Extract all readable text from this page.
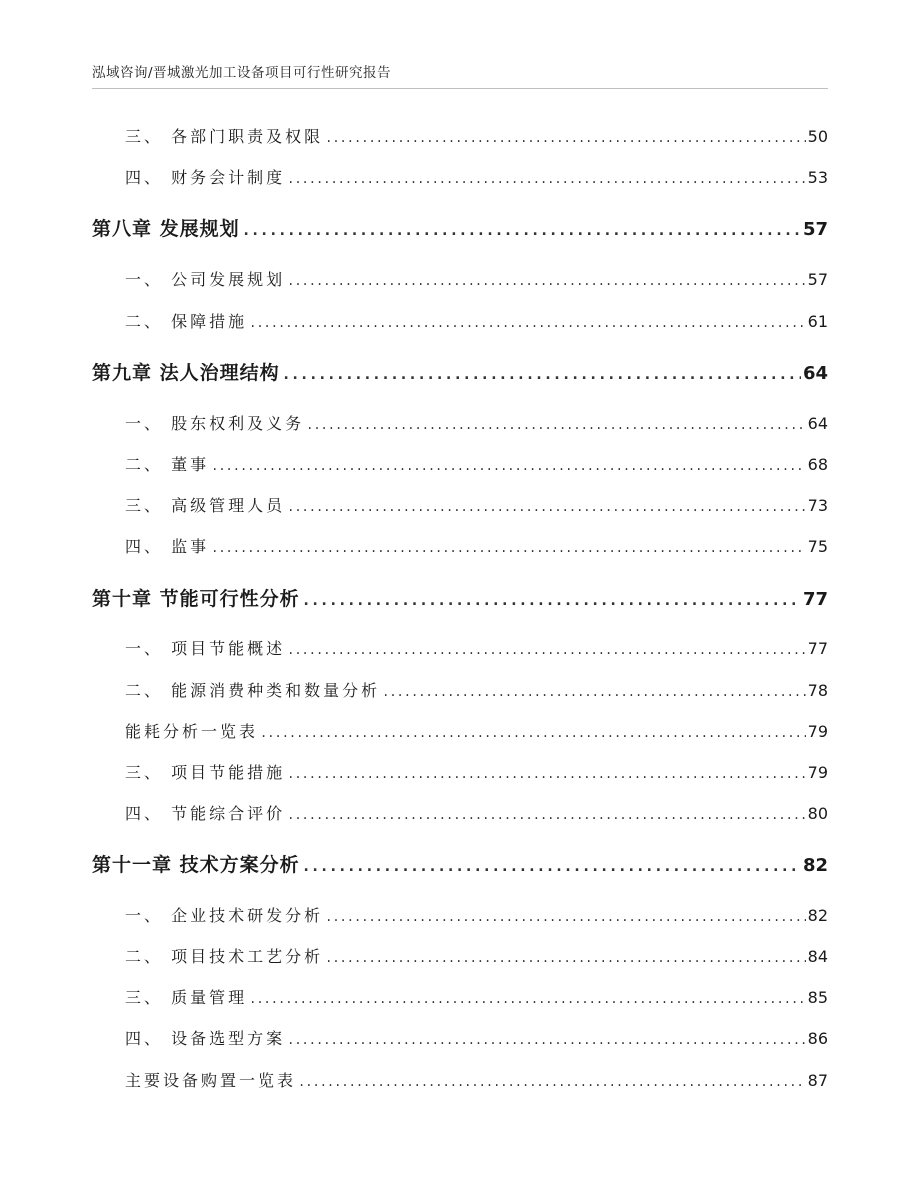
泓域咨询/晋城激光加工设备项目可行性研究报告
三、 各部门职责及权限 .....	50
四、 财务会计制度 .....	53
第八章 发展规划 .....	57
一、 公司发展规划 .....	57
二、 保障措施 .....	61
第九章 法人治理结构 .....	64
一、 股东权利及义务 .....	64
二、 董事 .....	68
三、 高级管理人员 .....	73
四、 监事 .....	75
第十章 节能可行性分析 .....	77
一、 项目节能概述 .....	77
二、 能源消费种类和数量分析 .....	78
能耗分析一览表 .....	79
三、 项目节能措施 .....	79
四、 节能综合评价 .....	80
第十一章 技术方案分析 .....	82
一、 企业技术研发分析 .....	82
二、 项目技术工艺分析 .....	84
三、 质量管理 .....	85
四、 设备选型方案 .....	86
主要设备购置一览表 .....	87
